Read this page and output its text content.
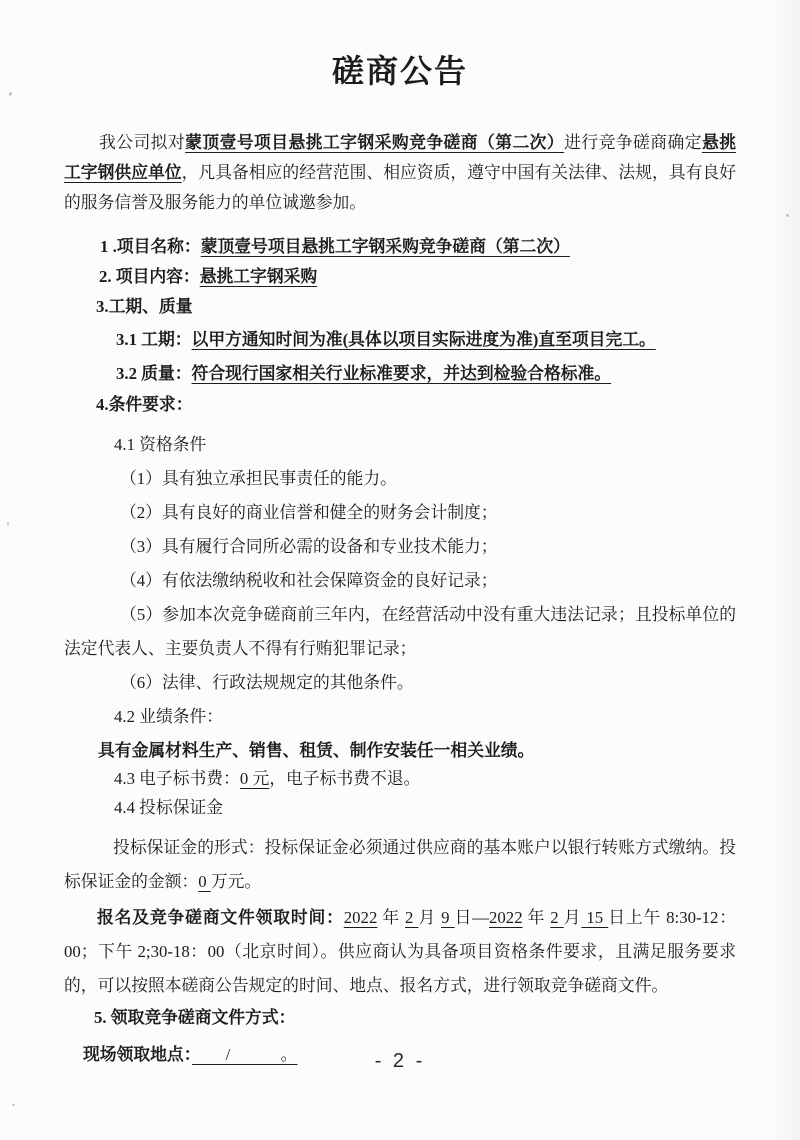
磋商公告

我公司拟对蒙顶壹号项目悬挑工字钢采购竞争磋商（第二次）进行竞争磋商确定悬挑工字钢供应单位，凡具备相应的经营范围、相应资质，遵守中国有关法律、法规，具有良好的服务信誉及服务能力的单位诚邀参加。

1 .项目名称：蒙顶壹号项目悬挑工字钢采购竞争磋商（第二次）

2. 项目内容：悬挑工字钢采购

3.工期、质量

3.1 工期：以甲方通知时间为准(具体以项目实际进度为准)直至项目完工。

3.2 质量：符合现行国家相关行业标准要求，并达到检验合格标准。

4.条件要求：

4.1 资格条件

（1）具有独立承担民事责任的能力。

（2）具有良好的商业信誉和健全的财务会计制度；

（3）具有履行合同所必需的设备和专业技术能力；

（4）有依法缴纳税收和社会保障资金的良好记录；

（5）参加本次竞争磋商前三年内，在经营活动中没有重大违法记录；且投标单位的法定代表人、主要负责人不得有行贿犯罪记录；

（6）法律、行政法规规定的其他条件。

4.2 业绩条件：

具有金属材料生产、销售、租赁、制作安装任一相关业绩。

4.3 电子标书费：0 元，电子标书费不退。

4.4 投标保证金

投标保证金的形式：投标保证金必须通过供应商的基本账户以银行转账方式缴纳。投标保证金的金额：0 万元。

报名及竞争磋商文件领取时间：2022 年 2 月 9 日—2022 年 2 月 15 日上午 8:30-12：00；下午 2;30-18：00（北京时间）。供应商认为具备项目资格条件要求，且满足服务要求的，可以按照本磋商公告规定的时间、地点、报名方式，进行领取竞争磋商文件。

5. 领取竞争磋商文件方式：

现场领取地点：　　/　　　。	- 2 -
